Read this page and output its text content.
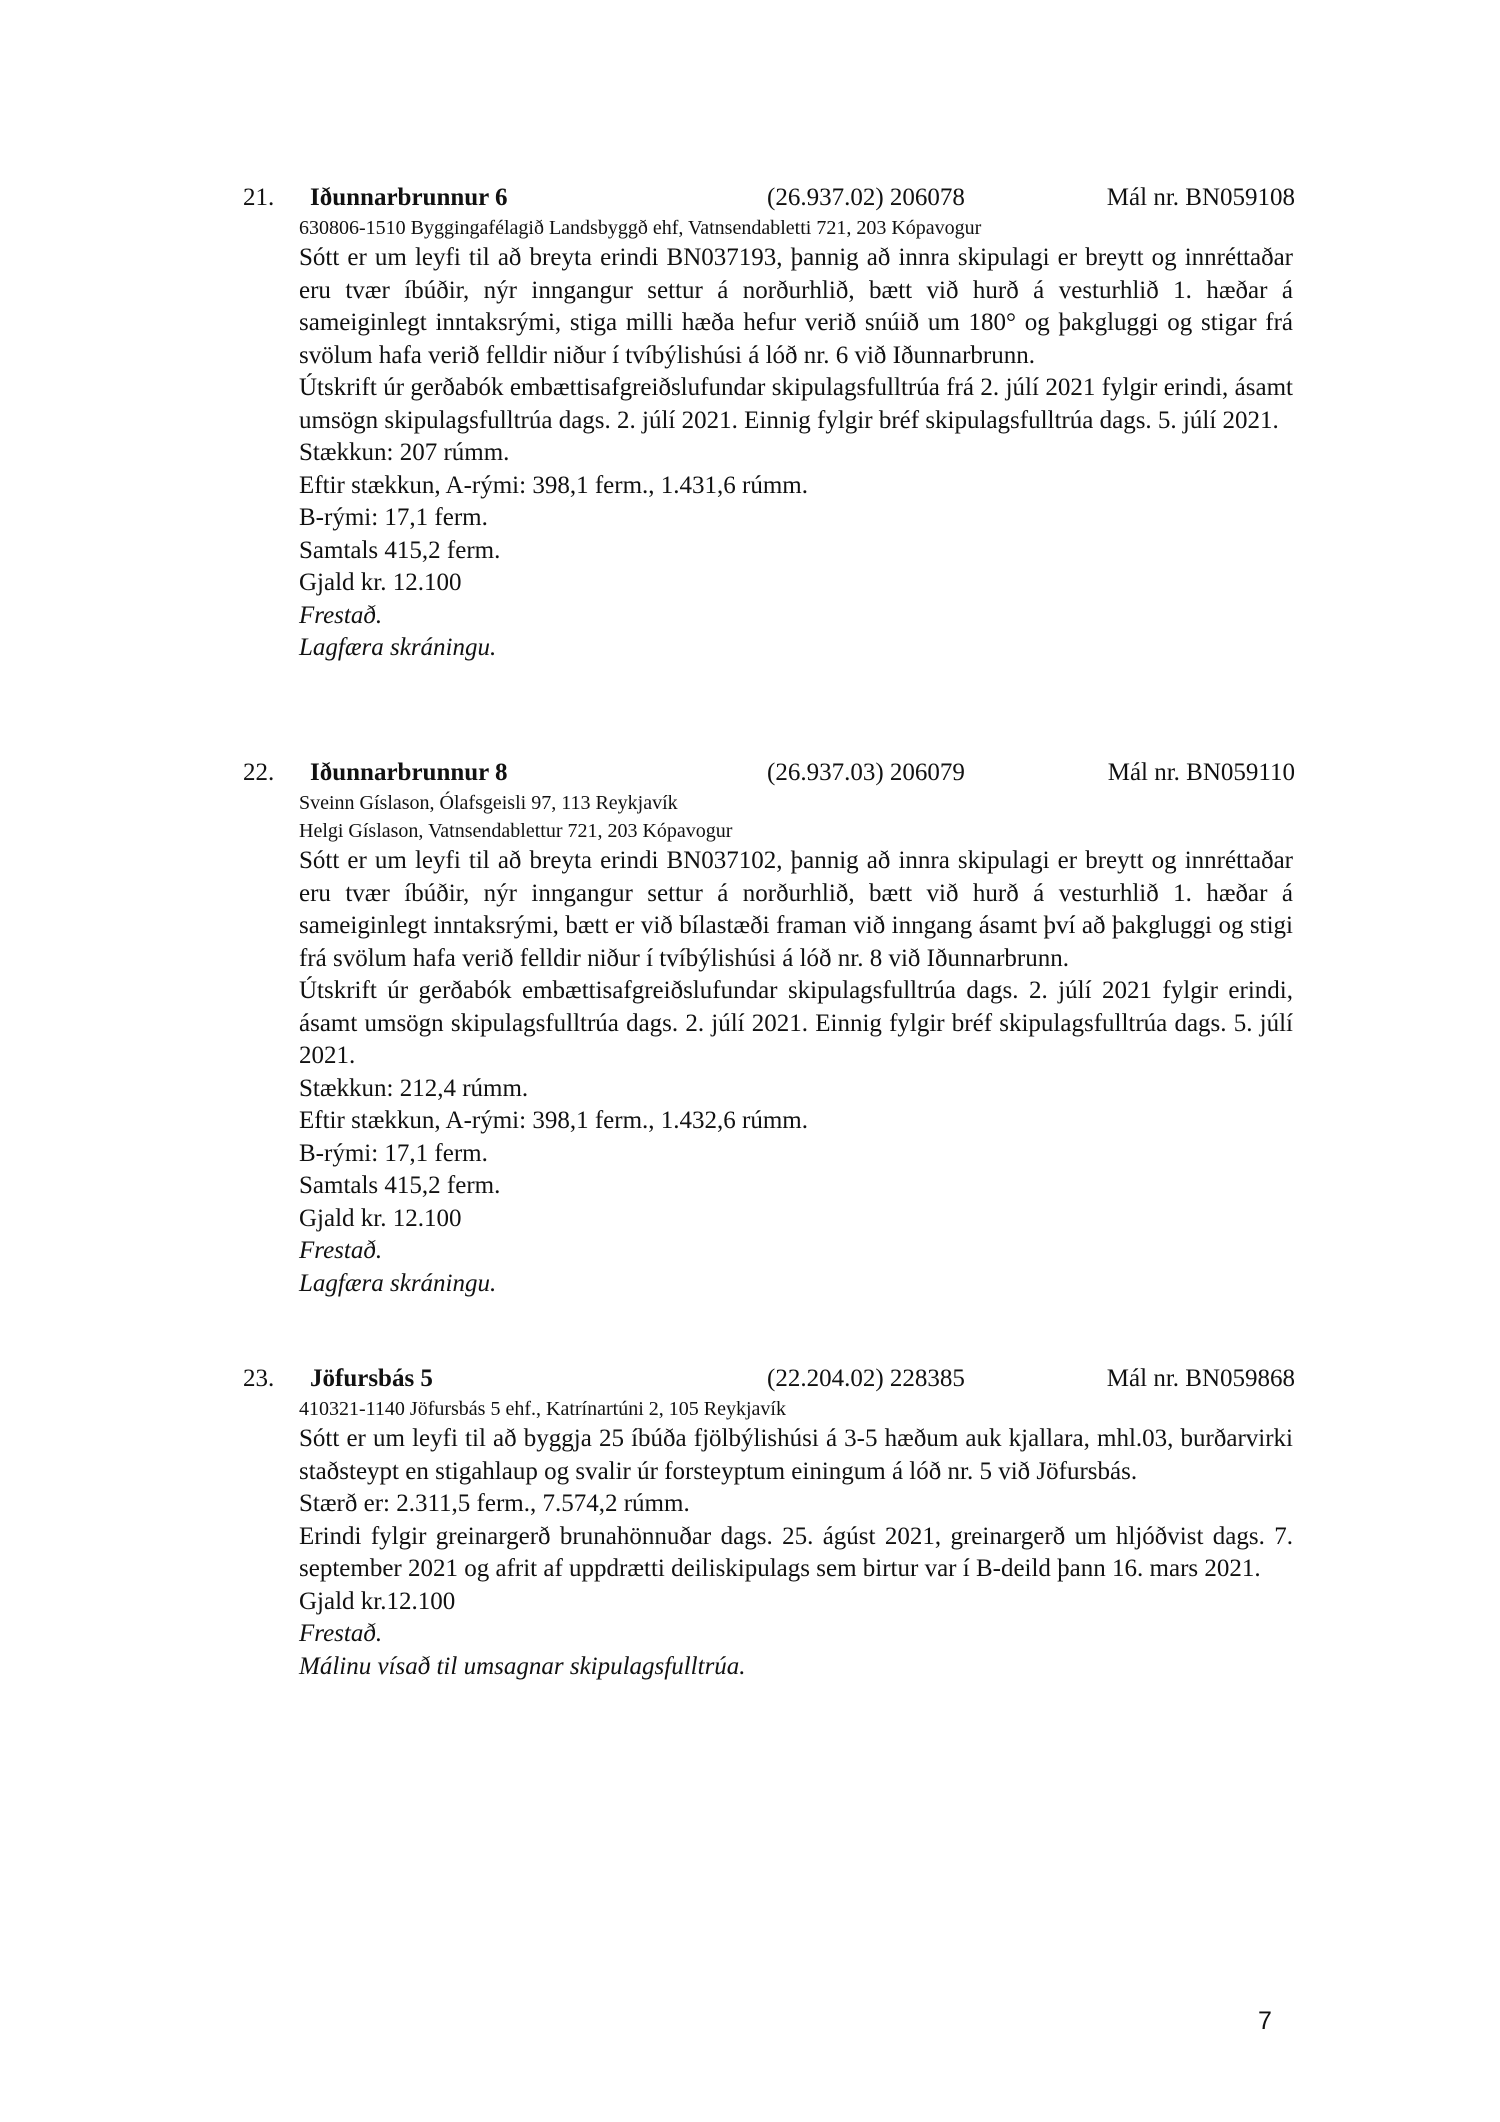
21. Iðunnarbrunnur 6	(26.937.02) 206078	Mál nr. BN059108
630806-1510 Byggingafélagið Landsbyggð ehf, Vatnsendabletti 721, 203 Kópavogur

Sótt er um leyfi til að breyta erindi BN037193, þannig að innra skipulagi er breytt og innréttaðar eru tvær íbúðir, nýr inngangur settur á norðurhlið, bætt við hurð á vesturhlið 1. hæðar á sameiginlegt inntaksrými, stiga milli hæða hefur verið snúið um 180° og þakgluggi og stigar frá svölum hafa verið felldir niður í tvíbýlishúsi á lóð nr. 6 við Iðunnarbrunn.

Útskrift úr gerðabók embættisafgreiðslufundar skipulagsfulltrúa frá 2. júlí 2021 fylgir erindi, ásamt umsögn skipulagsfulltrúa dags. 2. júlí 2021. Einnig fylgir bréf skipulagsfulltrúa dags. 5. júlí 2021.

Stækkun: 207 rúmm.
Eftir stækkun, A-rými: 398,1 ferm., 1.431,6 rúmm.
B-rými: 17,1 ferm.
Samtals 415,2 ferm.
Gjald kr. 12.100
Frestað.
Lagfæra skráningu.
22. Iðunnarbrunnur 8	(26.937.03) 206079	Mál nr. BN059110
Sveinn Gíslason, Ólafsgeisli 97, 113 Reykjavík
Helgi Gíslason, Vatnsendablettur 721, 203 Kópavogur

Sótt er um leyfi til að breyta erindi BN037102, þannig að innra skipulagi er breytt og innréttaðar eru tvær íbúðir, nýr inngangur settur á norðurhlið, bætt við hurð á vesturhlið 1. hæðar á sameiginlegt inntaksrými, bætt er við bílastæði framan við inngang ásamt því að þakgluggi og stigi frá svölum hafa verið felldir niður í tvíbýlishúsi á lóð nr. 8 við Iðunnarbrunn.

Útskrift úr gerðabók embættisafgreiðslufundar skipulagsfulltrúa dags. 2. júlí 2021 fylgir erindi, ásamt umsögn skipulagsfulltrúa dags. 2. júlí 2021. Einnig fylgir bréf skipulagsfulltrúa dags. 5. júlí 2021.

Stækkun: 212,4 rúmm.
Eftir stækkun, A-rými: 398,1 ferm., 1.432,6 rúmm.
B-rými: 17,1 ferm.
Samtals 415,2 ferm.
Gjald kr. 12.100
Frestað.
Lagfæra skráningu.
23. Jöfursbás 5	(22.204.02) 228385	Mál nr. BN059868
410321-1140 Jöfursbás 5 ehf., Katrínartúni 2, 105 Reykjavík

Sótt er um leyfi til að byggja 25 íbúða fjölbýlishúsi á 3-5 hæðum auk kjallara, mhl.03, burðarvirki staðsteypt en stigahlaup og svalir úr forsteyptum einingum á lóð nr. 5 við Jöfursbás.

Stærð er: 2.311,5 ferm., 7.574,2 rúmm.

Erindi fylgir greinargerð brunahönnuðar dags. 25. ágúst 2021, greinargerð um hljóðvist dags. 7. september 2021 og afrit af uppdrætti deiliskipulags sem birtur var í B-deild þann 16. mars 2021.

Gjald kr.12.100
Frestað.
Málinu vísað til umsagnar skipulagsfulltrúa.
7
